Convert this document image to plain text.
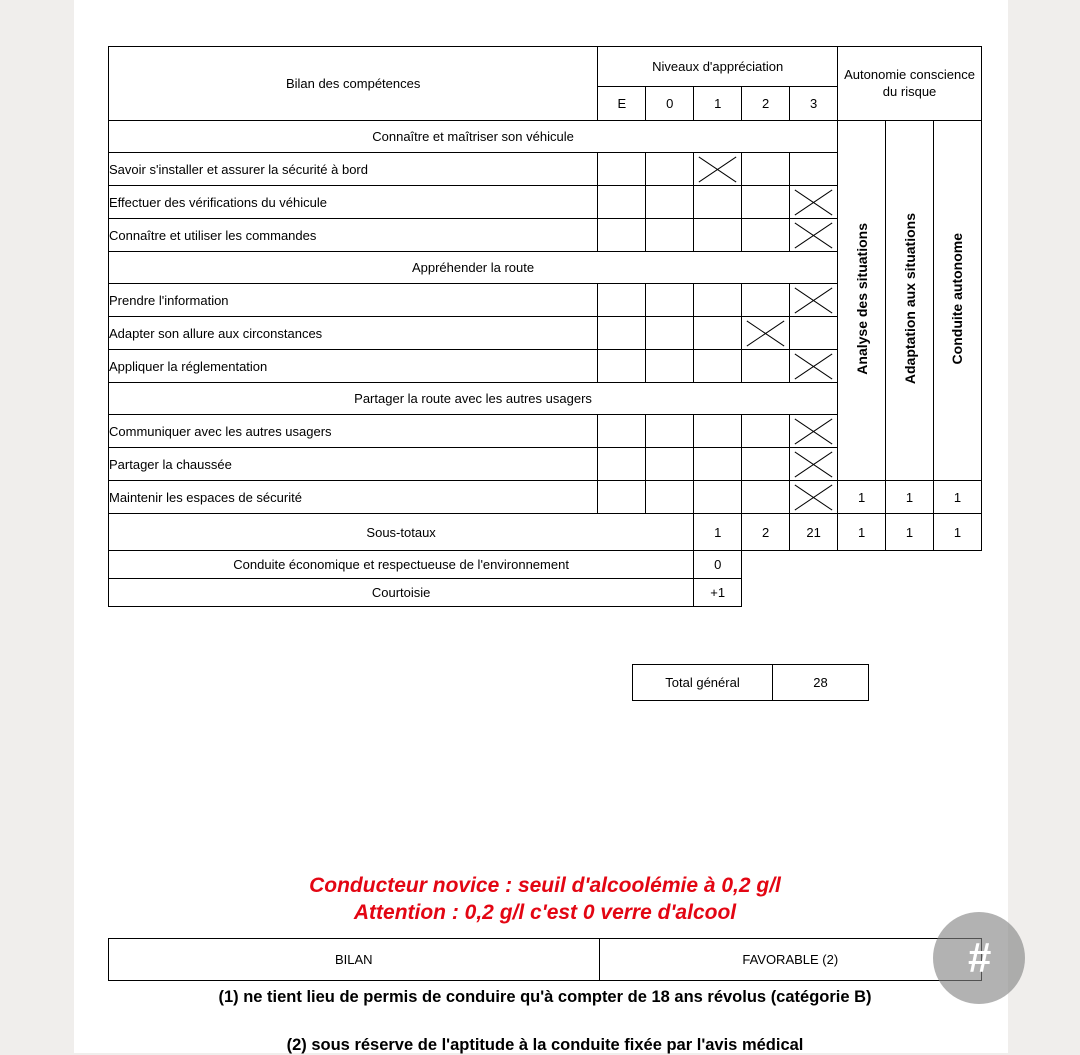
Bilan des compétences	Niveaux d'appréciation					Autonomie conscience du risque		
	E	0	1	2	3			
Connaître et maîtriser son véhicule						Analyse des situations	Adaptation aux situations	Conduite autonome
Savoir s'installer et assurer la sécurité à bord								
Effectuer des vérifications du véhicule								
Connaître et utiliser les commandes								
Appréhender la route								
Prendre l'information								
Adapter son allure aux circonstances								
Appliquer la réglementation								
Partager la route avec les autres usagers								
Communiquer avec les autres usagers								
Partager la chaussée								
Maintenir les espaces de sécurité						1	1	1
Sous-totaux			1	2	21	1	1	1
Conduite économique et respectueuse de l'environnement			0					
Courtoisie			+1					
Total général	28
Conducteur novice : seuil d'alcoolémie à 0,2 g/l
Attention : 0,2 g/l c'est 0 verre d'alcool
BILAN	FAVORABLE (2)
(1) ne tient lieu de permis de conduire qu'à compter de 18 ans révolus (catégorie B)
(2) sous réserve de l'aptitude à la conduite fixée par l'avis médical
#
